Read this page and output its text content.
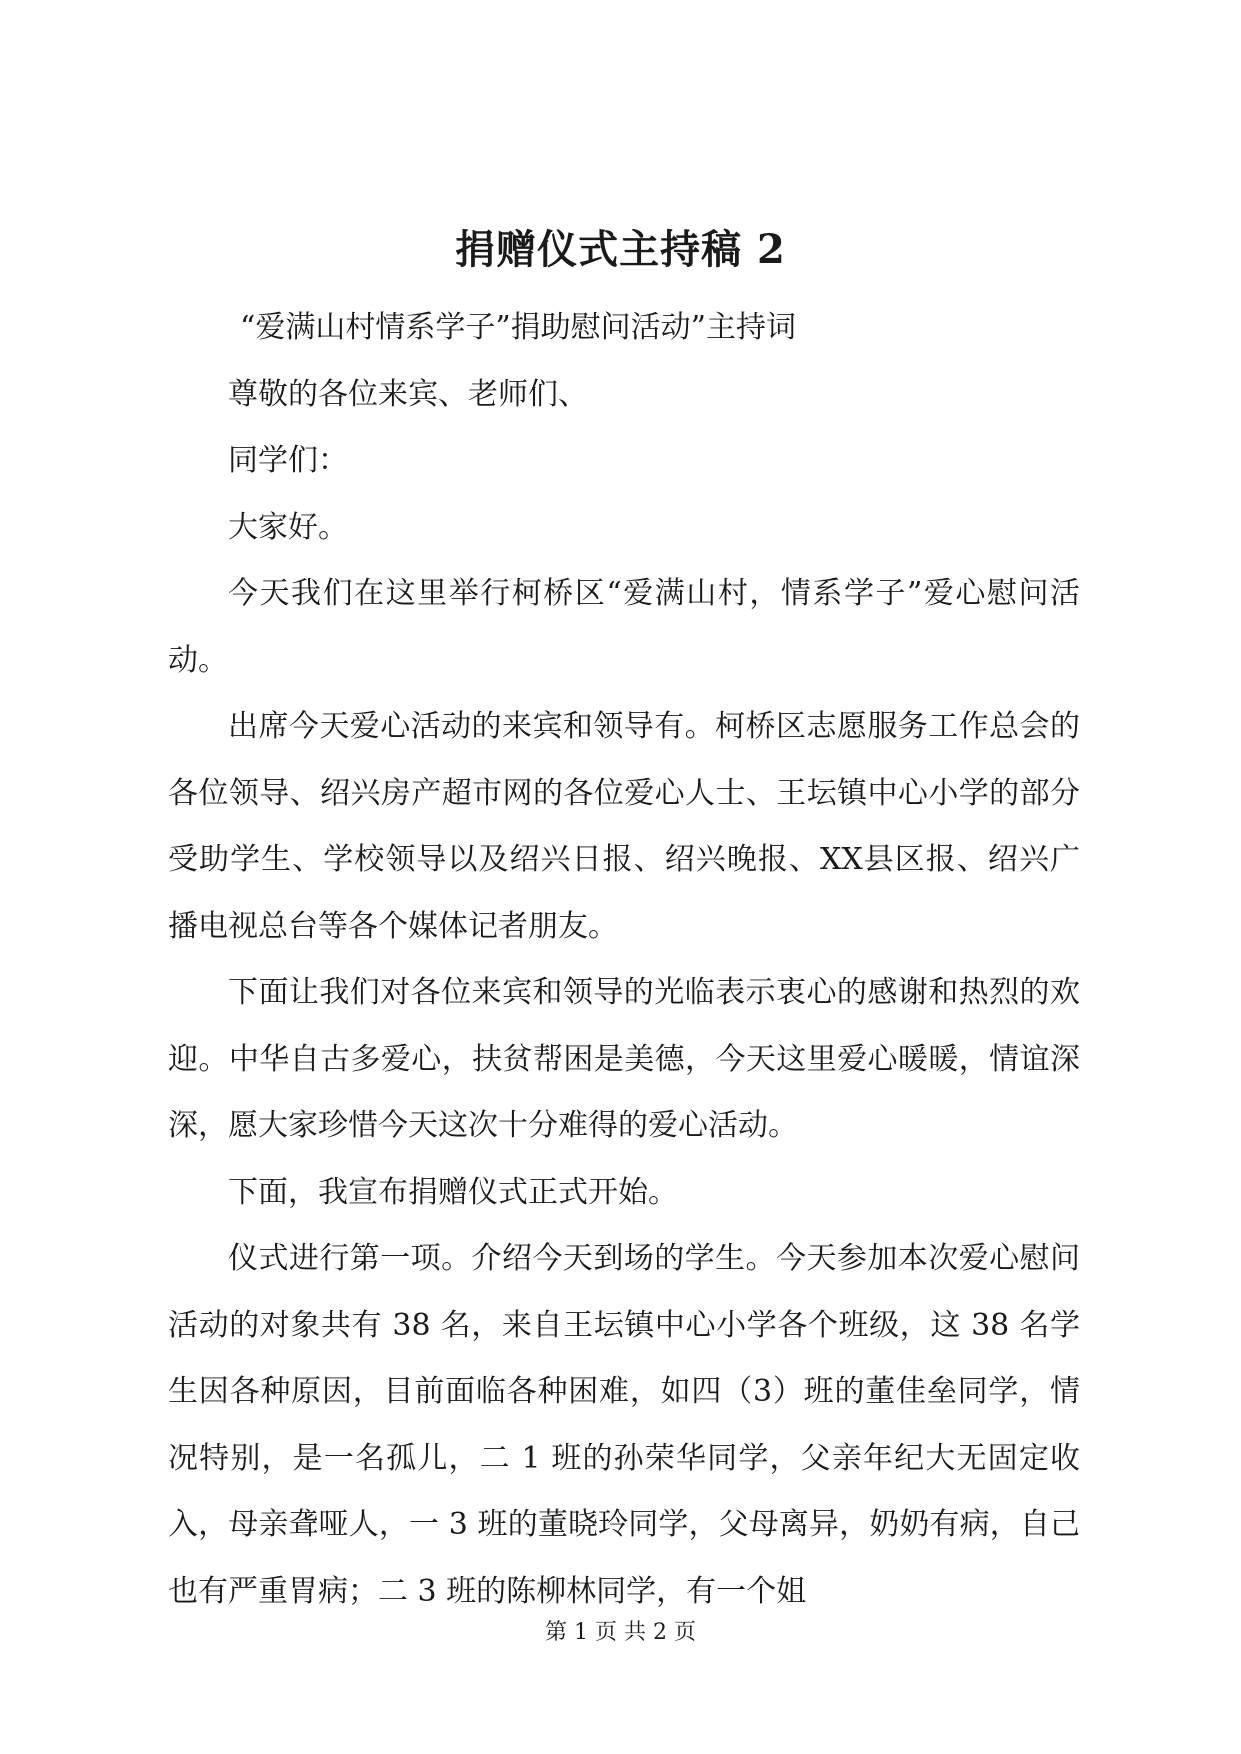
捐赠仪式主持稿 2

“爱满山村情系学子”捐助慰问活动”主持词

尊敬的各位来宾、老师们、

同学们：

大家好。

今天我们在这里举行柯桥区“爱满山村，情系学子”爱心慰问活动。

出席今天爱心活动的来宾和领导有。柯桥区志愿服务工作总会的各位领导、绍兴房产超市网的各位爱心人士、王坛镇中心小学的部分受助学生、学校领导以及绍兴日报、绍兴晚报、XX县区报、绍兴广播电视总台等各个媒体记者朋友。

下面让我们对各位来宾和领导的光临表示衷心的感谢和热烈的欢迎。中华自古多爱心，扶贫帮困是美德，今天这里爱心暖暖，情谊深深，愿大家珍惜今天这次十分难得的爱心活动。

下面，我宣布捐赠仪式正式开始。

仪式进行第一项。介绍今天到场的学生。今天参加本次爱心慰问活动的对象共有 38 名，来自王坛镇中心小学各个班级，这 38 名学生因各种原因，目前面临各种困难，如四（3）班的董佳垒同学，情况特别，是一名孤儿，二 1 班的孙荣华同学，父亲年纪大无固定收入，母亲聋哑人，一 3 班的董晓玲同学，父母离异，奶奶有病，自己也有严重胃病；二 3 班的陈柳林同学，有一个姐

第 1 页 共 2 页
